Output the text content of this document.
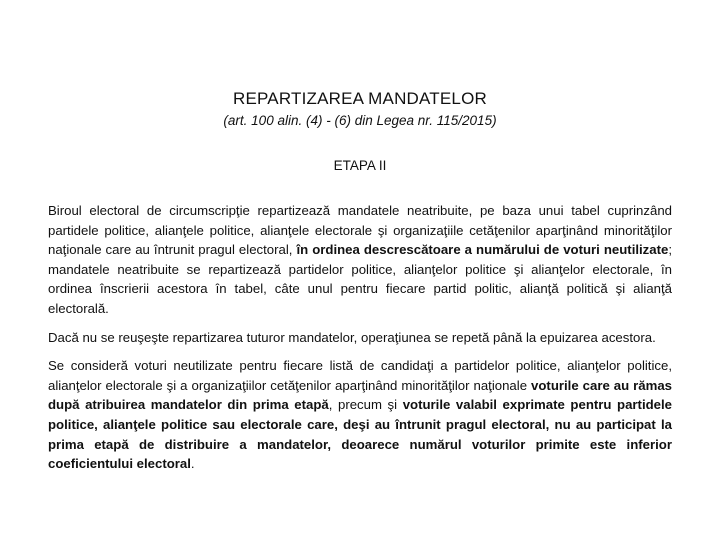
REPARTIZAREA MANDATELOR
(art. 100 alin. (4) - (6) din Legea nr. 115/2015)
ETAPA II

Biroul electoral de circumscripţie repartizează mandatele neatribuite, pe baza unui tabel cuprinzând partidele politice, alianţele politice, alianţele electorale şi organizaţiile cetăţenilor aparţinând minorităţilor naţionale care au întrunit pragul electoral, în ordinea descrescătoare a numărului de voturi neutilizate; mandatele neatribuite se repartizează partidelor politice, alianţelor politice şi alianţelor electorale, în ordinea înscrierii acestora în tabel, câte unul pentru fiecare partid politic, alianţă politică şi alianţă electorală.

Dacă nu se reuşeşte repartizarea tuturor mandatelor, operaţiunea se repetă până la epuizarea acestora.

Se consideră voturi neutilizate pentru fiecare listă de candidaţi a partidelor politice, alianţelor politice, alianţelor electorale şi a organizaţiilor cetăţenilor aparţinând minorităţilor naţionale voturile care au rămas după atribuirea mandatelor din prima etapă, precum şi voturile valabil exprimate pentru partidele politice, alianţele politice sau electorale care, deşi au întrunit pragul electoral, nu au participat la prima etapă de distribuire a mandatelor, deoarece numărul voturilor primite este inferior coeficientului electoral.
